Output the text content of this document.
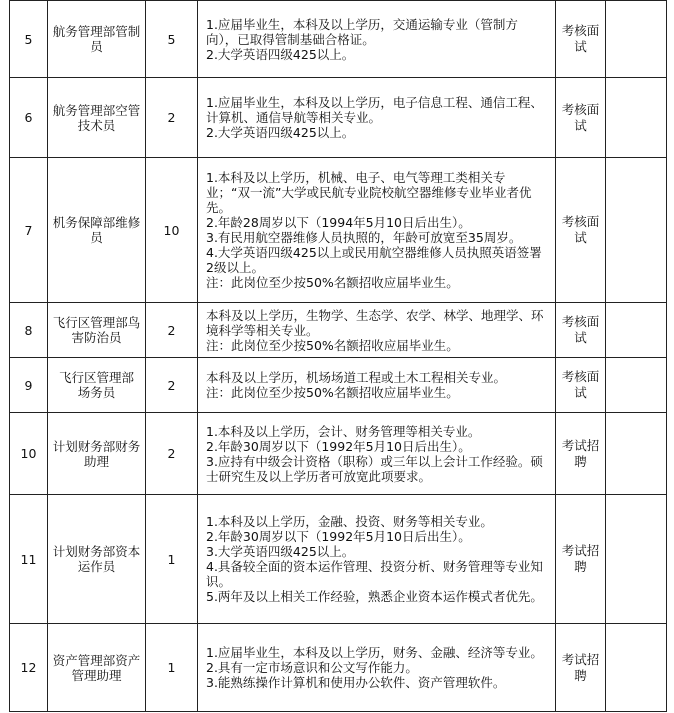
5	航务管理部管制员	5	1.应届毕业生，本科及以上学历，交通运输专业（管制方向），已取得管制基础合格证。
2.大学英语四级425以上。	考核面试	
6	航务管理部空管技术员	2	1.应届毕业生，本科及以上学历，电子信息工程、通信工程、计算机、通信导航等相关专业。
2.大学英语四级425以上。	考核面试	
7	机务保障部维修员	10	1.本科及以上学历，机械、电子、电气等理工类相关专业；“双一流”大学或民航专业院校航空器维修专业毕业者优先。
2.年龄28周岁以下（1994年5月10日后出生）。
3.有民用航空器维修人员执照的，年龄可放宽至35周岁。
4.大学英语四级425以上或民用航空器维修人员执照英语签署2级以上。
注：此岗位至少按50%名额招收应届毕业生。	考核面试	
8	飞行区管理部鸟害防治员	2	本科及以上学历，生物学、生态学、农学、林学、地理学、环境科学等相关专业。
注：此岗位至少按50%名额招收应届毕业生。	考核面试	
9	飞行区管理部 场务员	2	本科及以上学历，机场场道工程或土木工程相关专业。
注：此岗位至少按50%名额招收应届毕业生。	考核面试	
10	计划财务部财务助理	2	1.本科及以上学历，会计、财务管理等相关专业。
2.年龄30周岁以下（1992年5月10日后出生）。
3.应持有中级会计资格（职称）或三年以上会计工作经验。硕士研究生及以上学历者可放宽此项要求。	考试招聘	
11	计划财务部资本运作员	1	1.本科及以上学历，金融、投资、财务等相关专业。
2.年龄30周岁以下（1992年5月10日后出生）。
3.大学英语四级425以上。
4.具备较全面的资本运作管理、投资分析、财务管理等专业知识。
5.两年及以上相关工作经验，熟悉企业资本运作模式者优先。	考试招聘	
12	资产管理部资产管理助理	1	1.应届毕业生，本科及以上学历，财务、金融、经济等专业。
2.具有一定市场意识和公文写作能力。
3.能熟练操作计算机和使用办公软件、资产管理软件。	考试招聘	
